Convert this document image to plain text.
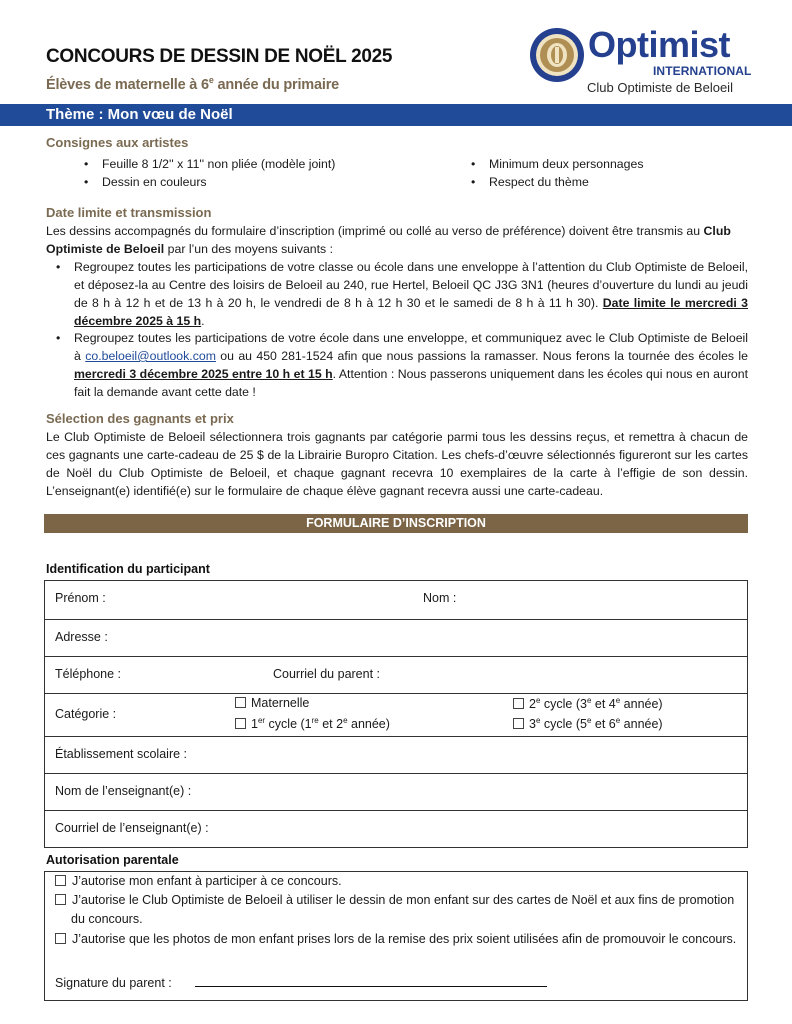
CONCOURS DE DESSIN DE NOËL 2025
Élèves de maternelle à 6e année du primaire
Optimist
INTERNATIONAL
Club Optimiste de Beloeil
Thème : Mon vœu de Noël
Consignes aux artistes
• Feuille 8 1/2'' x 11'' non pliée (modèle joint)
• Dessin en couleurs
• Minimum deux personnages
• Respect du thème
Date limite et transmission
Les dessins accompagnés du formulaire d’inscription (imprimé ou collé au verso de préférence) doivent être transmis au Club Optimiste de Beloeil par l’un des moyens suivants :
• Regroupez toutes les participations de votre classe ou école dans une enveloppe à l’attention du Club Optimiste de Beloeil, et déposez-la au Centre des loisirs de Beloeil au 240, rue Hertel, Beloeil QC J3G 3N1 (heures d’ouverture du lundi au jeudi de 8 h à 12 h et de 13 h à 20 h, le vendredi de 8 h à 12 h 30 et le samedi de 8 h à 11 h 30). Date limite le mercredi 3 décembre 2025 à 15 h.
• Regroupez toutes les participations de votre école dans une enveloppe, et communiquez avec le Club Optimiste de Beloeil à co.beloeil@outlook.com ou au 450 281-1524 afin que nous passions la ramasser. Nous ferons la tournée des écoles le mercredi 3 décembre 2025 entre 10 h et 15 h. Attention : Nous passerons uniquement dans les écoles qui nous en auront fait la demande avant cette date !
Sélection des gagnants et prix
Le Club Optimiste de Beloeil sélectionnera trois gagnants par catégorie parmi tous les dessins reçus, et remettra à chacun de ces gagnants une carte-cadeau de 25 $ de la Librairie Buropro Citation. Les chefs-d’œuvre sélectionnés figureront sur les cartes de Noël du Club Optimiste de Beloeil, et chaque gagnant recevra 10 exemplaires de la carte à l’effigie de son dessin. L’enseignant(e) identifié(e) sur le formulaire de chaque élève gagnant recevra aussi une carte-cadeau.
FORMULAIRE D’INSCRIPTION
Identification du participant
Prénom :	Nom :
Adresse :
Téléphone :	Courriel du parent :
Catégorie :
Maternelle
1er cycle (1re et 2e année)
2e cycle (3e et 4e année)
3e cycle (5e et 6e année)
Établissement scolaire :
Nom de l’enseignant(e) :
Courriel de l’enseignant(e) :
Autorisation parentale
J’autorise mon enfant à participer à ce concours.
J’autorise le Club Optimiste de Beloeil à utiliser le dessin de mon enfant sur des cartes de Noël et aux fins de promotion du concours.
J’autorise que les photos de mon enfant prises lors de la remise des prix soient utilisées afin de promouvoir le concours.
Signature du parent :
